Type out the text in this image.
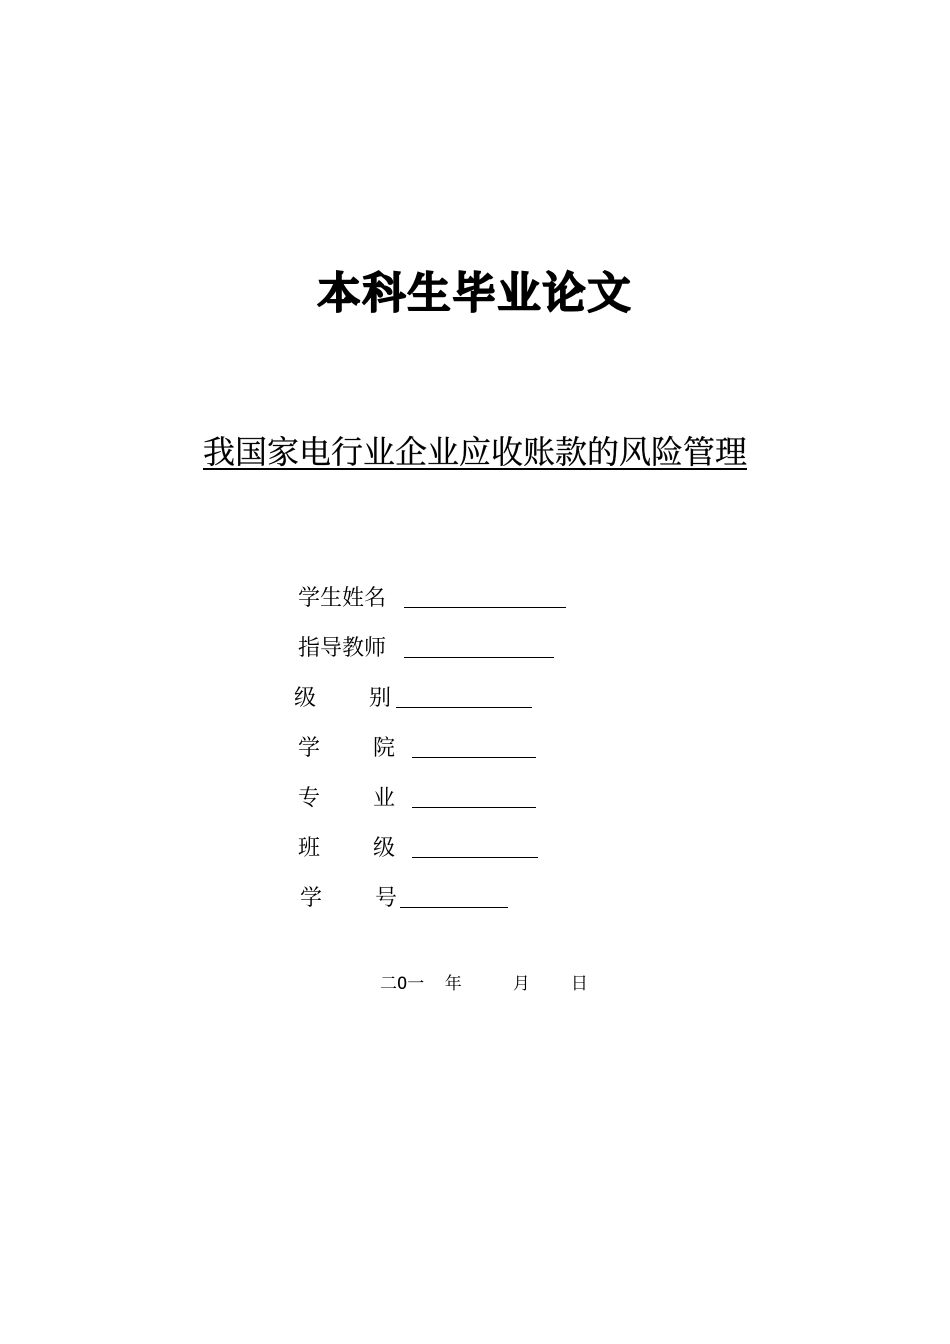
本科生毕业论文
我国家电行业企业应收账款的风险管理
学生姓名
指导教师
级    别
学    院
专    业
班    级
学    号
二O一  年     月    日
